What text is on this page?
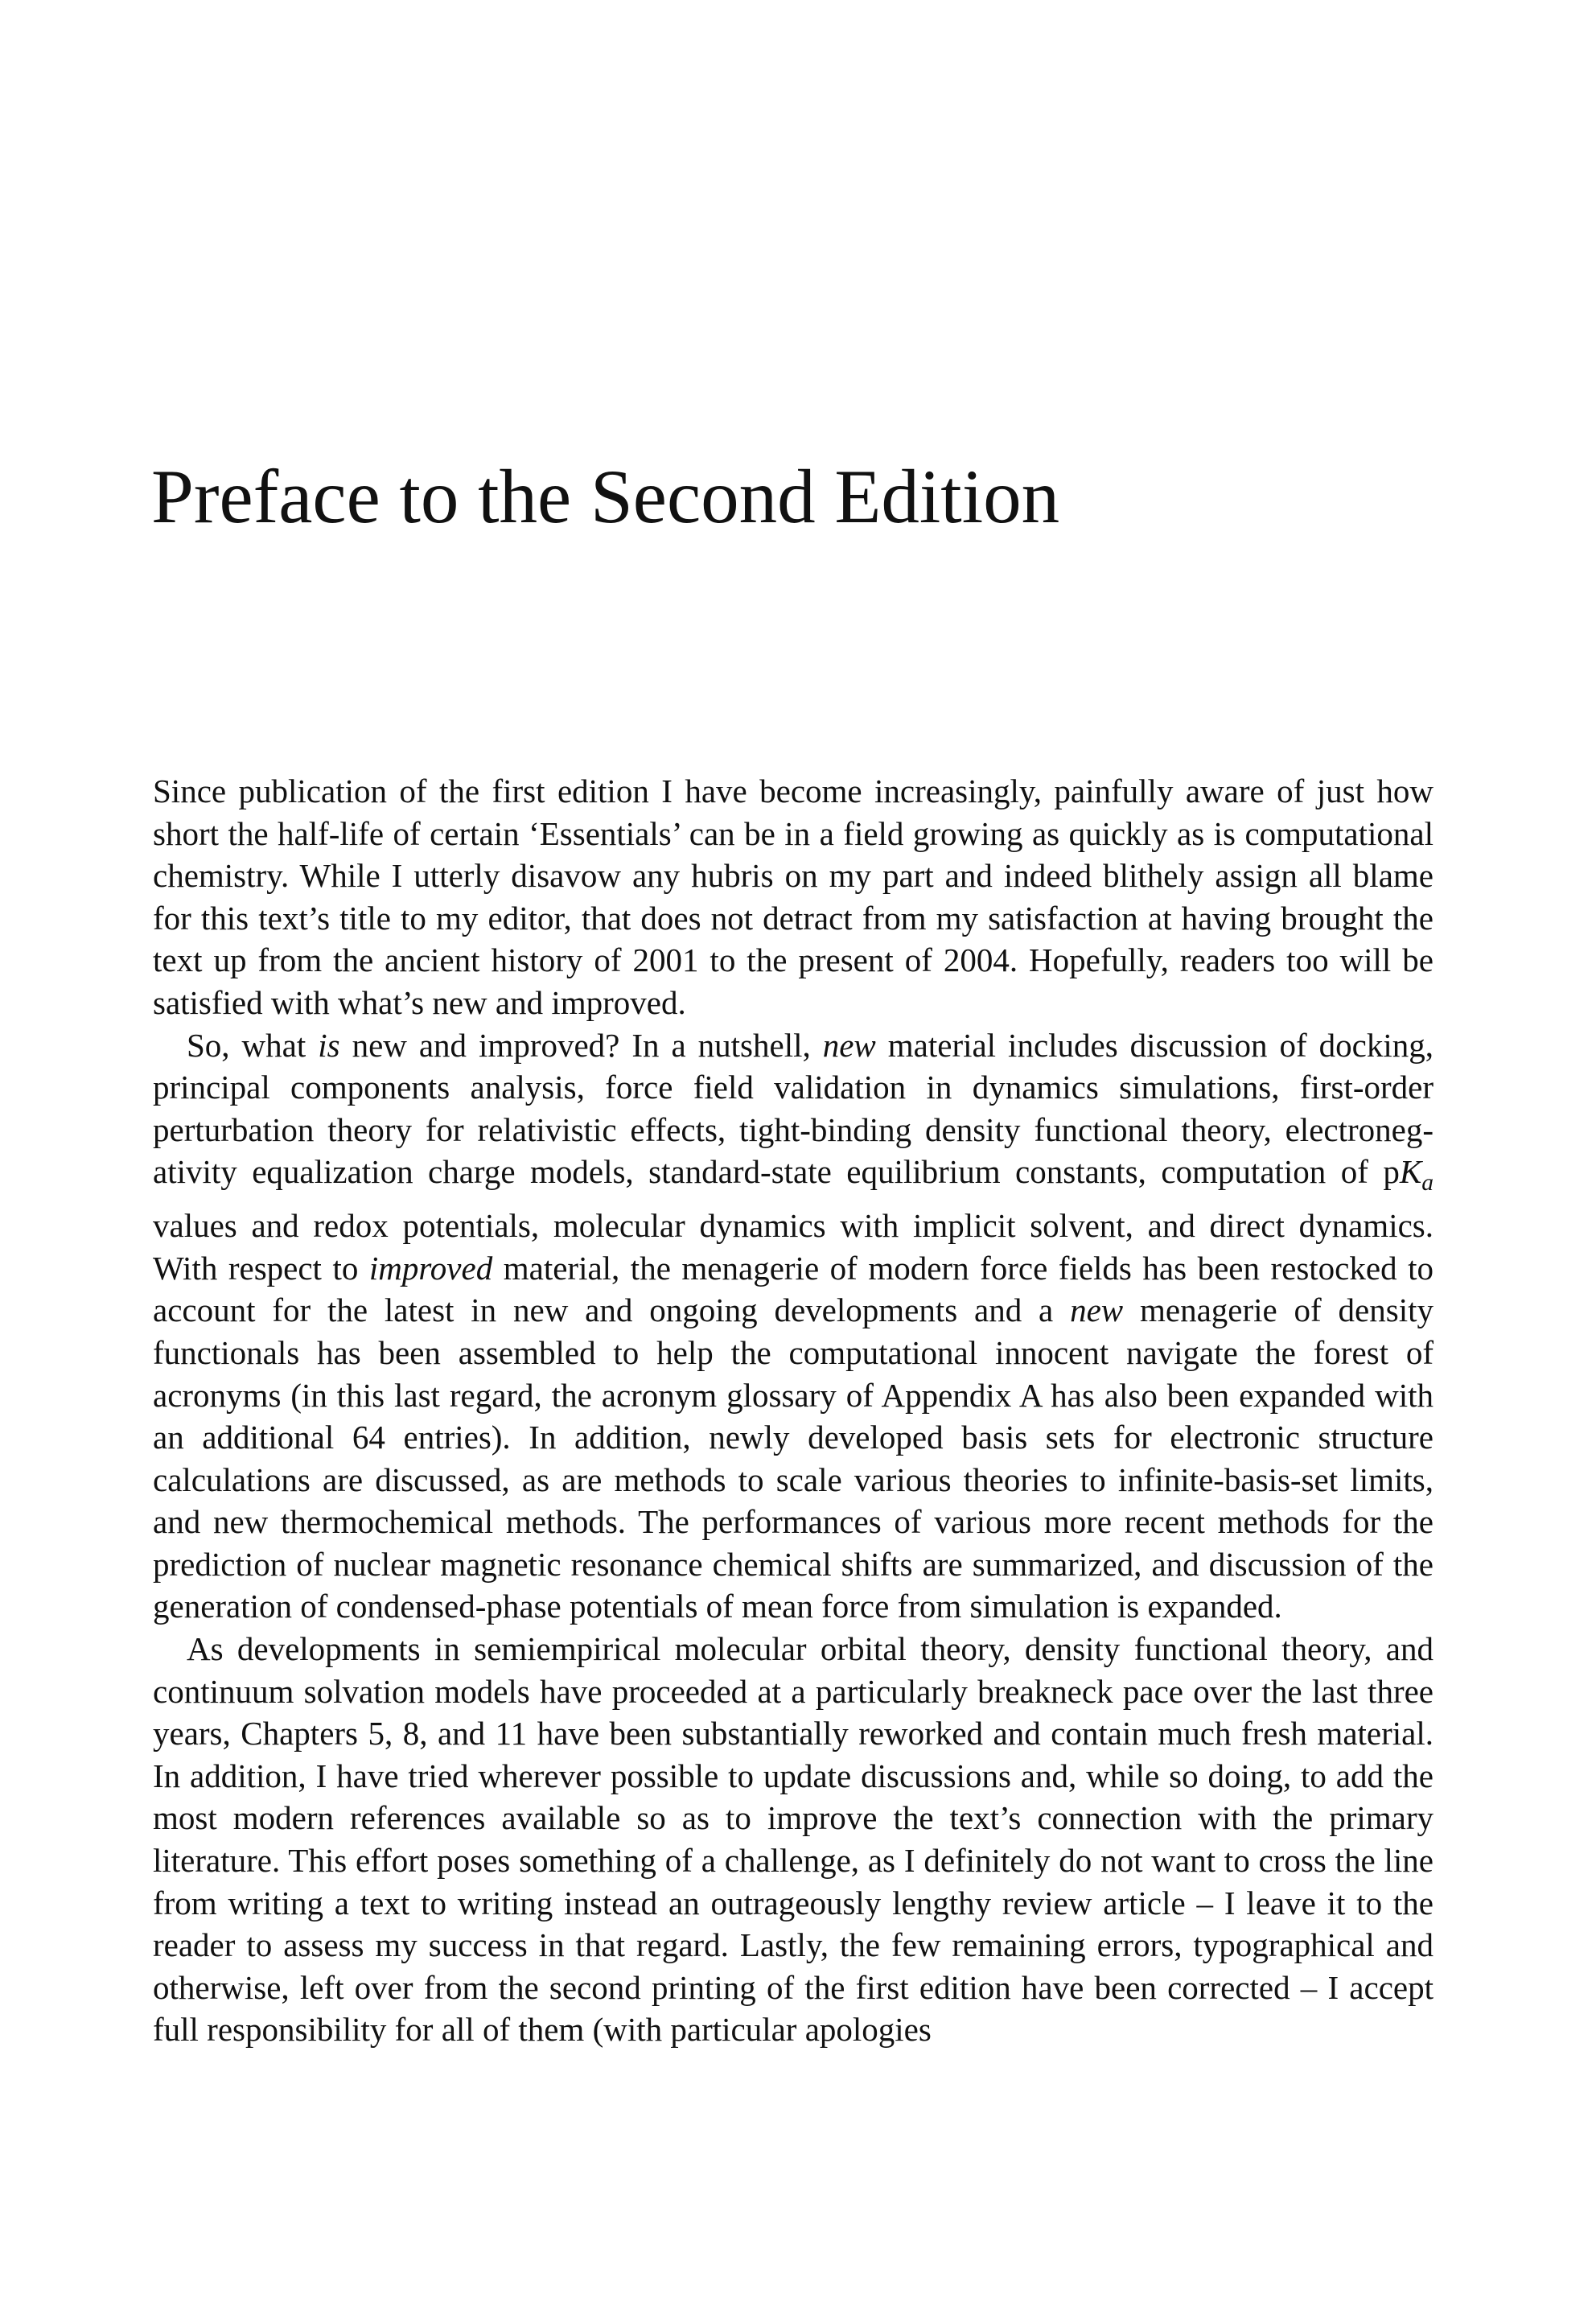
Preface to the Second Edition

Since publication of the first edition I have become increasingly, painfully aware of just how short the half-life of certain ‘Essentials’ can be in a field growing as quickly as is computational chemistry. While I utterly disavow any hubris on my part and indeed blithely assign all blame for this text’s title to my editor, that does not detract from my satisfaction at having brought the text up from the ancient history of 2001 to the present of 2004. Hopefully, readers too will be satisfied with what’s new and improved.

So, what is new and improved? In a nutshell, new material includes discussion of docking, principal components analysis, force field validation in dynamics simulations, first-order perturbation theory for relativistic effects, tight-binding density functional theory, electronegativity equalization charge models, standard-state equilibrium constants, computation of $pK_a$ values and redox potentials, molecular dynamics with implicit solvent, and direct dynamics. With respect to improved material, the menagerie of modern force fields has been restocked to account for the latest in new and ongoing developments and a new menagerie of density functionals has been assembled to help the computational innocent navigate the forest of acronyms (in this last regard, the acronym glossary of Appendix A has also been expanded with an additional 64 entries). In addition, newly developed basis sets for electronic structure calculations are discussed, as are methods to scale various theories to infinite-basis-set limits, and new thermochemical methods. The performances of various more recent methods for the prediction of nuclear magnetic resonance chemical shifts are summarized, and discussion of the generation of condensed-phase potentials of mean force from simulation is expanded.

As developments in semiempirical molecular orbital theory, density functional theory, and continuum solvation models have proceeded at a particularly breakneck pace over the last three years, Chapters 5, 8, and 11 have been substantially reworked and contain much fresh material. In addition, I have tried wherever possible to update discussions and, while so doing, to add the most modern references available so as to improve the text’s connection with the primary literature. This effort poses something of a challenge, as I definitely do not want to cross the line from writing a text to writing instead an outrageously lengthy review article – I leave it to the reader to assess my success in that regard. Lastly, the few remaining errors, typographical and otherwise, left over from the second printing of the first edition have been corrected – I accept full responsibility for all of them (with particular apologies
